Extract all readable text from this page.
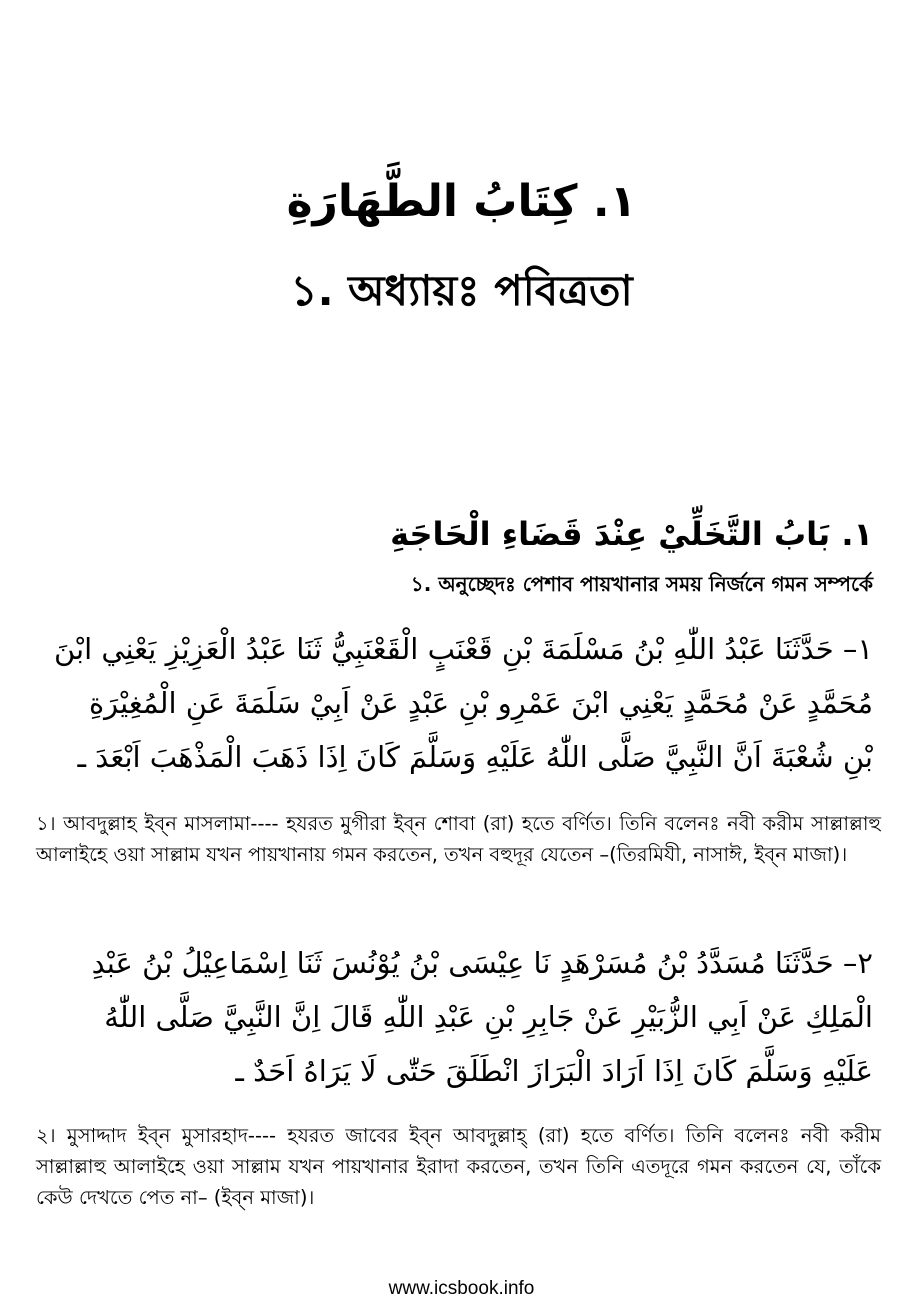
١. كِتَابُ الطَّهَارَةِ
১. অধ্যায়ঃ পবিত্রতা
١. بَابُ التَّخَلِّيْ عِنْدَ قَضَاءِ الْحَاجَةِ
১. অনুচ্ছেদঃ পেশাব পায়খানার সময় নির্জনে গমন সম্পর্কে
١– حَدَّثَنَا عَبْدُ اللّٰهِ بْنُ مَسْلَمَةَ بْنِ قَعْنَبٍ الْقَعْنَبِيُّ ثَنَا عَبْدُ الْعَزِيْزِ يَعْنِي ابْنَ مُحَمَّدٍ عَنْ مُحَمَّدٍ يَعْنِي ابْنَ عَمْرِو بْنِ عَبْدٍ عَنْ اَبِيْ سَلَمَةَ عَنِ الْمُغِيْرَةِ بْنِ شُعْبَةَ اَنَّ النَّبِيَّ صَلَّى اللّٰهُ عَلَيْهِ وَسَلَّمَ كَانَ اِذَا ذَهَبَ الْمَذْهَبَ اَبْعَدَ ـ
১। আবদুল্লাহ ইব্‌ন মাসলামা---- হযরত মুগীরা ইব্‌ন শোবা (রা) হতে বর্ণিত। তিনি বলেনঃ নবী করীম সাল্লাল্লাহু আলাইহে ওয়া সাল্লাম যখন পায়খানায় গমন করতেন, তখন বহুদূর যেতেন –(তিরমিযী, নাসাঈ, ইব্‌ন মাজা)।
٢– حَدَّثَنَا مُسَدَّدُ بْنُ مُسَرْهَدٍ نَا عِيْسَى بْنُ يُوْنُسَ ثَنَا اِسْمَاعِيْلُ بْنُ عَبْدِ الْمَلِكِ عَنْ اَبِي الزُّبَيْرِ عَنْ جَابِرِ بْنِ عَبْدِ اللّٰهِ قَالَ اِنَّ النَّبِيَّ صَلَّى اللّٰهُ عَلَيْهِ وَسَلَّمَ كَانَ اِذَا اَرَادَ الْبَرَازَ انْطَلَقَ حَتّٰى لَا يَرَاهُ اَحَدٌ ـ
২। মুসাদ্দাদ ইব্‌ন মুসারহাদ---- হযরত জাবের ইব্‌ন আবদুল্লাহ্ (রা) হতে বর্ণিত। তিনি বলেনঃ নবী করীম সাল্লাল্লাহু আলাইহে ওয়া সাল্লাম যখন পায়খানার ইরাদা করতেন, তখন তিনি এতদূরে গমন করতেন যে, তাঁকে কেউ দেখতে পেত না– (ইব্‌ন মাজা)।
www.icsbook.info
